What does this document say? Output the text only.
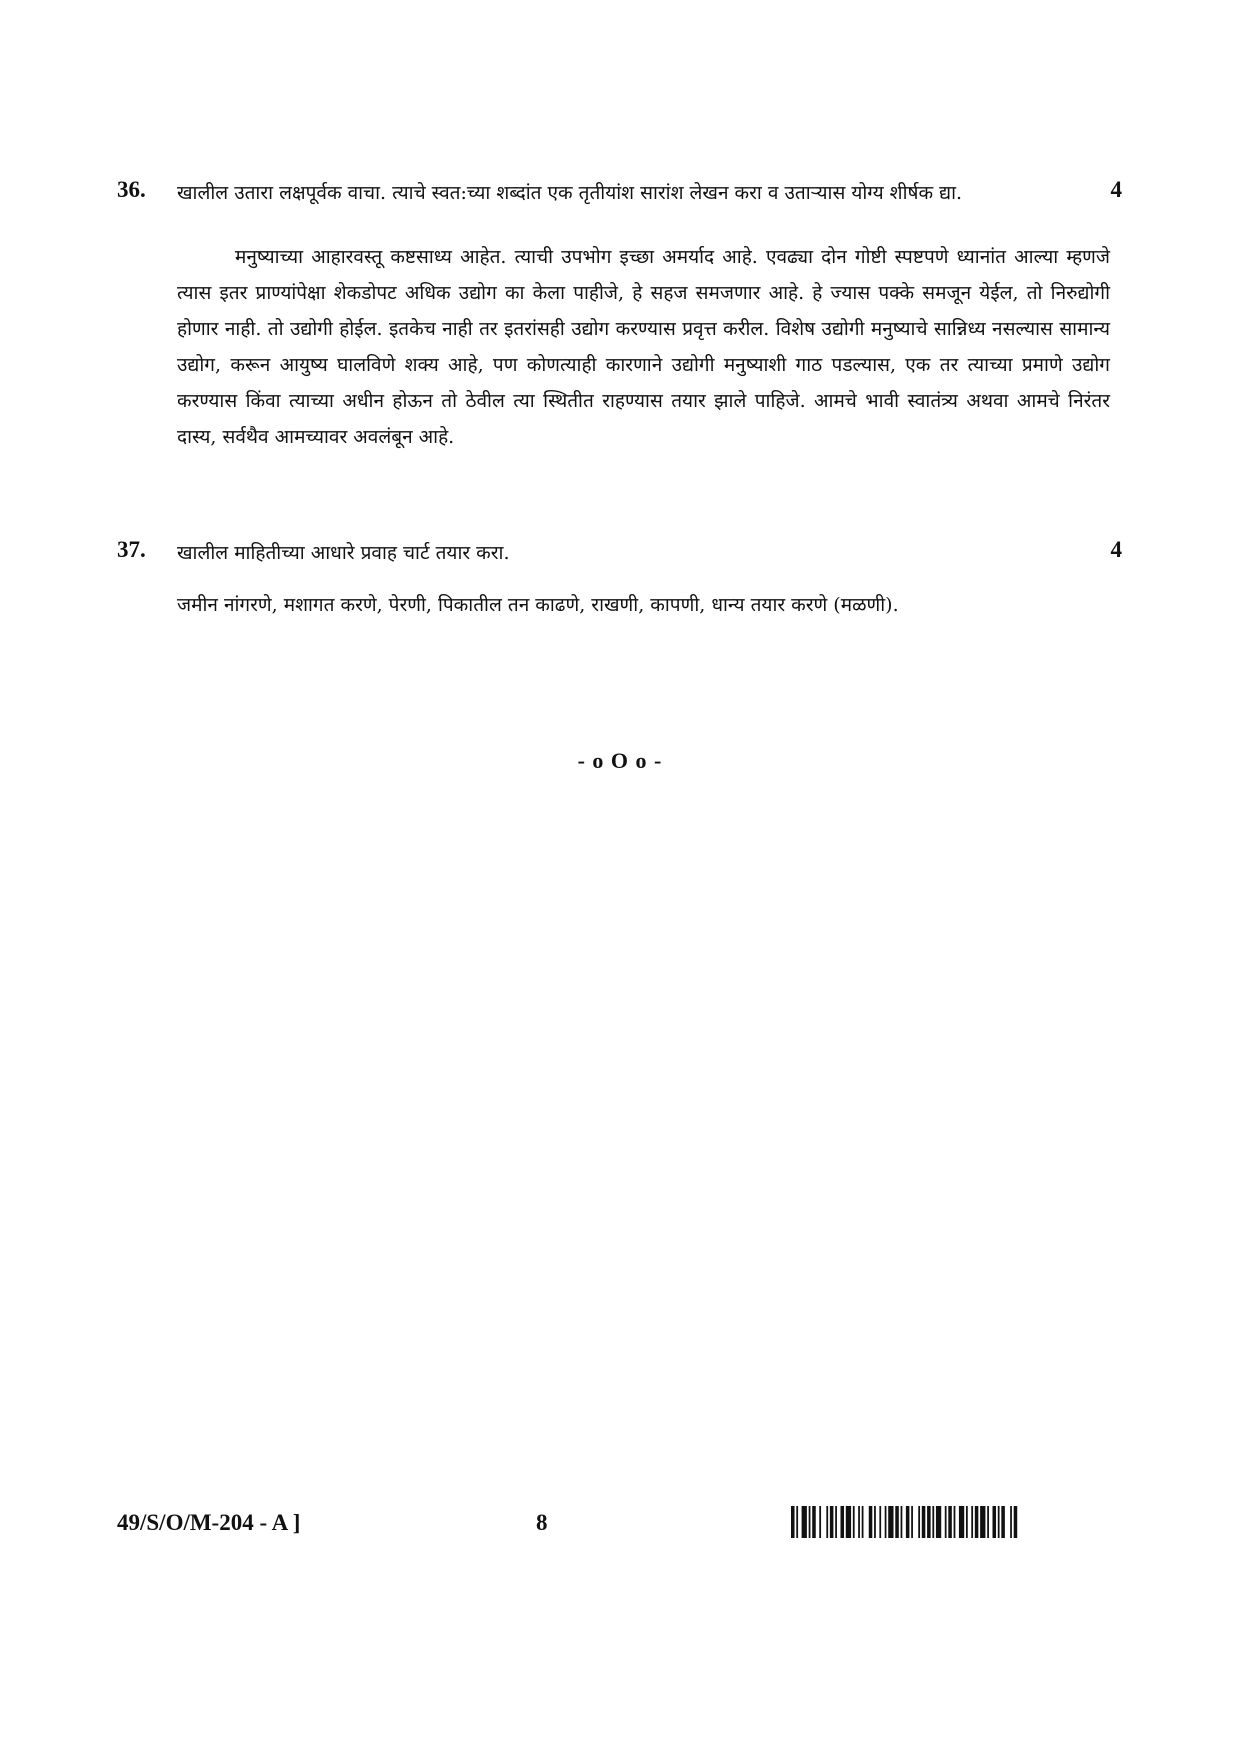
36.	4
खालील उतारा लक्षपूर्वक वाचा. त्याचे स्वत:च्या शब्दांत एक तृतीयांश सारांश लेखन करा व उताऱ्यास योग्य शीर्षक द्या.
मनुष्याच्या आहारवस्तू कष्टसाध्य आहेत. त्याची उपभोग इच्छा अमर्याद आहे. एवढ्या दोन गोष्टी स्पष्टपणे ध्यानांत आल्या म्हणजे त्यास इतर प्राण्यांपेक्षा शेकडोपट अधिक उद्योग का केला पाहीजे, हे सहज समजणार आहे. हे ज्यास पक्के समजून येईल, तो निरुद्योगी होणार नाही. तो उद्योगी होईल. इतकेच नाही तर इतरांसही उद्योग करण्यास प्रवृत्त करील. विशेष उद्योगी मनुष्याचे सान्निध्य नसल्यास सामान्य उद्योग, करून आयुष्य घालविणे शक्य आहे, पण कोणत्याही कारणाने उद्योगी मनुष्याशी गाठ पडल्यास, एक तर त्याच्या प्रमाणे उद्योग करण्यास किंवा त्याच्या अधीन होऊन तो ठेवील त्या स्थितीत राहण्यास तयार झाले पाहिजे. आमचे भावी स्वातंत्र्य अथवा आमचे निरंतर दास्य, सर्वथैव आमच्यावर अवलंबून आहे.
37.	4
खालील माहितीच्या आधारे प्रवाह चार्ट तयार करा.
जमीन नांगरणे, मशागत करणे, पेरणी, पिकातील तन काढणे, राखणी, कापणी, धान्य तयार करणे (मळणी).
- o O o -
49/S/O/M-204 - A ]	8
